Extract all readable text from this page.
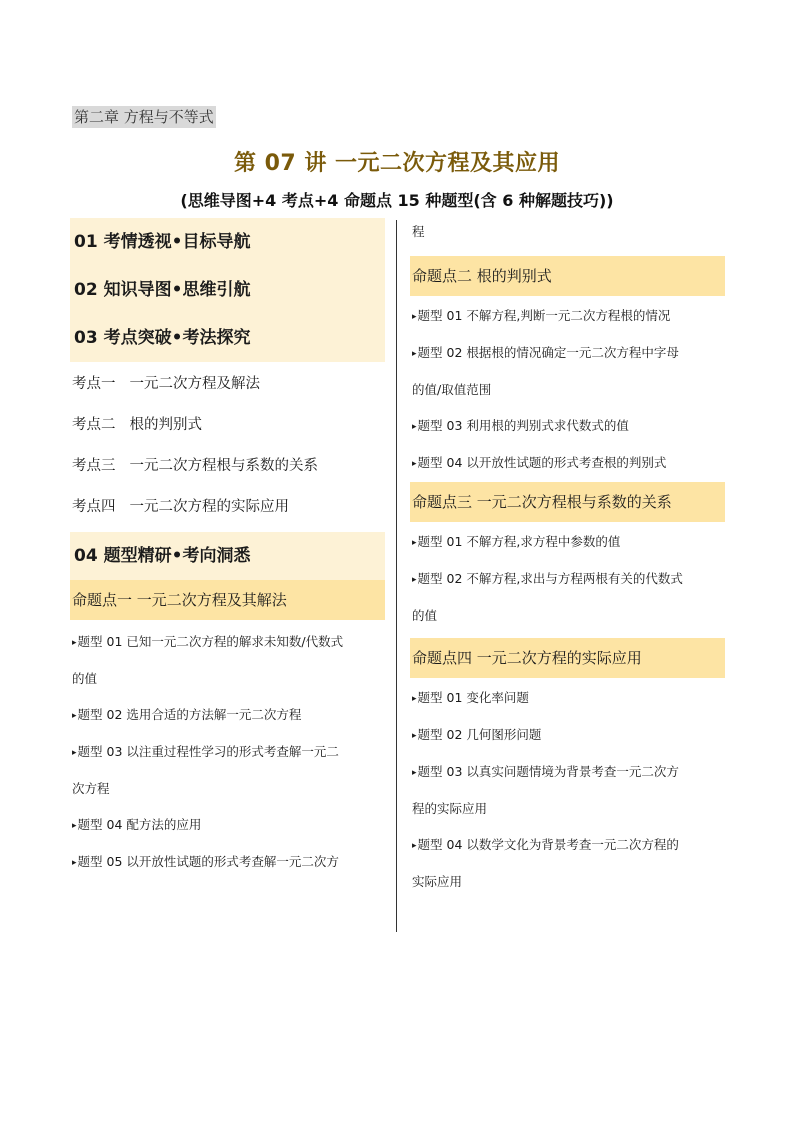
第二章 方程与不等式
第 07 讲 一元二次方程及其应用
(思维导图+4 考点+4 命题点 15 种题型(含 6 种解题技巧))
01 考情透视•目标导航
02 知识导图•思维引航
03 考点突破•考法探究
考点一 一元二次方程及解法
考点二 根的判别式
考点三 一元二次方程根与系数的关系
考点四 一元二次方程的实际应用
04 题型精研•考向洞悉
命题点一 一元二次方程及其解法
▸题型 01 已知一元二次方程的解求未知数/代数式
的值
▸题型 02 选用合适的方法解一元二次方程
▸题型 03 以注重过程性学习的形式考查解一元二
次方程
▸题型 04 配方法的应用
▸题型 05 以开放性试题的形式考查解一元二次方
程
命题点二 根的判别式
▸题型 01 不解方程,判断一元二次方程根的情况
▸题型 02 根据根的情况确定一元二次方程中字母
的值/取值范围
▸题型 03 利用根的判别式求代数式的值
▸题型 04 以开放性试题的形式考查根的判别式
命题点三 一元二次方程根与系数的关系
▸题型 01 不解方程,求方程中参数的值
▸题型 02 不解方程,求出与方程两根有关的代数式
的值
命题点四 一元二次方程的实际应用
▸题型 01 变化率问题
▸题型 02 几何图形问题
▸题型 03 以真实问题情境为背景考查一元二次方
程的实际应用
▸题型 04 以数学文化为背景考查一元二次方程的
实际应用
